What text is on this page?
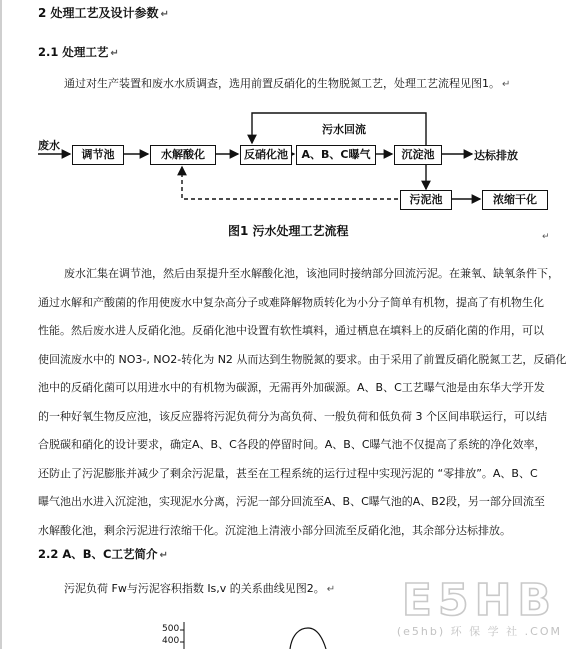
2 处理工艺及设计参数 ↵
2.1 处理工艺 ↵
通过对生产装置和废水水质调查，选用前置反硝化的生物脱氮工艺，处理工艺流程见图1。 ↵
废水
调节池	水解酸化	反硝化池	A、B、C曝气	沉淀池	达标排放
污水回流
污泥池	浓缩干化
图1 污水处理工艺流程	↵
废水汇集在调节池，然后由泵提升至水解酸化池，该池同时接纳部分回流污泥。在兼氧、缺氧条件下，
通过水解和产酸菌的作用使废水中复杂高分子或难降解物质转化为小分子简单有机物，提高了有机物生化
性能。然后废水进人反硝化池。反硝化池中设置有软性填料，通过栖息在填料上的反硝化菌的作用，可以
使回流废水中的 NO3-, NO2-转化为 N2 从而达到生物脱氮的要求。由于采用了前置反硝化脱氮工艺，反硝化
池中的反硝化菌可以用进水中的有机物为碳源，无需再外加碳源。A、B、C工艺曝气池是由东华大学开发
的一种好氧生物反应池，该反应器将污泥负荷分为高负荷、一般负荷和低负荷 3 个区间串联运行，可以结
合脱碳和硝化的设计要求，确定A、B、C各段的停留时间。A、B、C曝气池不仅提高了系统的净化效率，
还防止了污泥膨胀并减少了剩余污泥量，甚至在工程系统的运行过程中实现污泥的 “零排放”。A、B、C
曝气池出水进入沉淀池，实现泥水分离，污泥一部分回流至A、B、C曝气池的A、B2段，另一部分回流至
水解酸化池，剩余污泥进行浓缩干化。沉淀池上清液小部分回流至反硝化池，其余部分达标排放。
2.2 A、B、C工艺简介 ↵
污泥负荷 Fw与污泥容积指数 Is,v 的关系曲线见图2。 ↵
500
400
E5HB
(e5hb) 环 保 学 社 .COM
